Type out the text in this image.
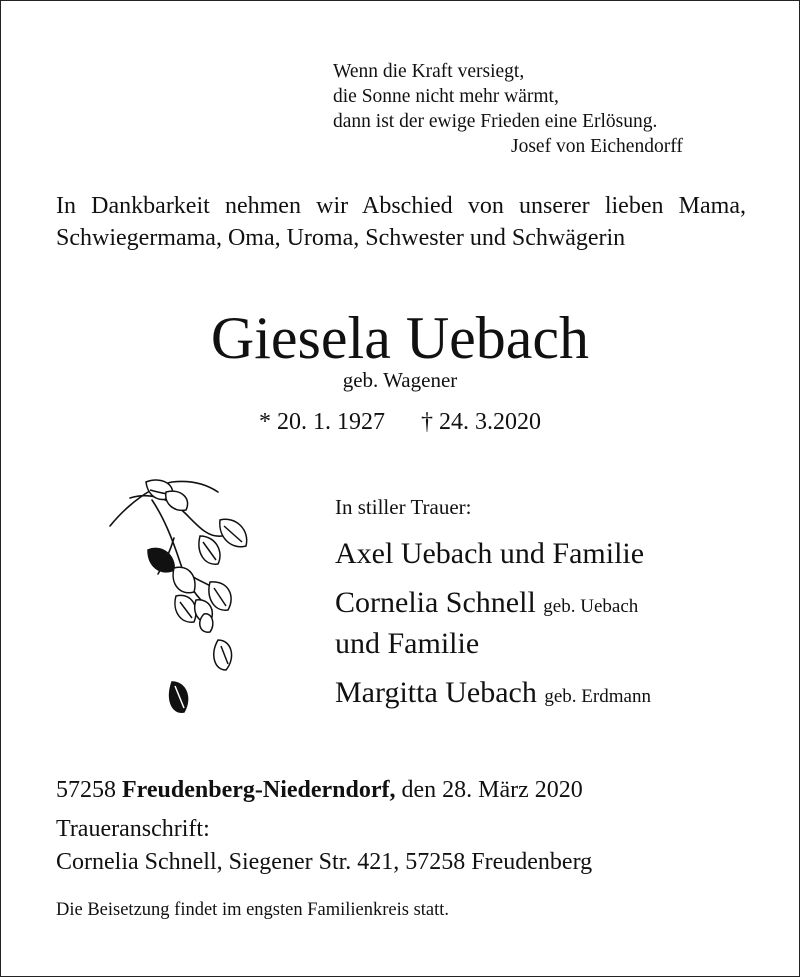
Wenn die Kraft versiegt,
die Sonne nicht mehr wärmt,
dann ist der ewige Frieden eine Erlösung.
Josef von Eichendorff
In Dankbarkeit nehmen wir Abschied von unserer lieben Mama, Schwiegermama, Oma, Uroma, Schwester und Schwägerin
Giesela Uebach
geb. Wagener
* 20. 1. 1927 † 24. 3.2020
In stiller Trauer:
Axel Uebach und Familie
Cornelia Schnell geb. Uebach
und Familie
Margitta Uebach geb. Erdmann
57258 Freudenberg-Niederndorf, den 28. März 2020
Traueranschrift:
Cornelia Schnell, Siegener Str. 421, 57258 Freudenberg
Die Beisetzung findet im engsten Familienkreis statt.
